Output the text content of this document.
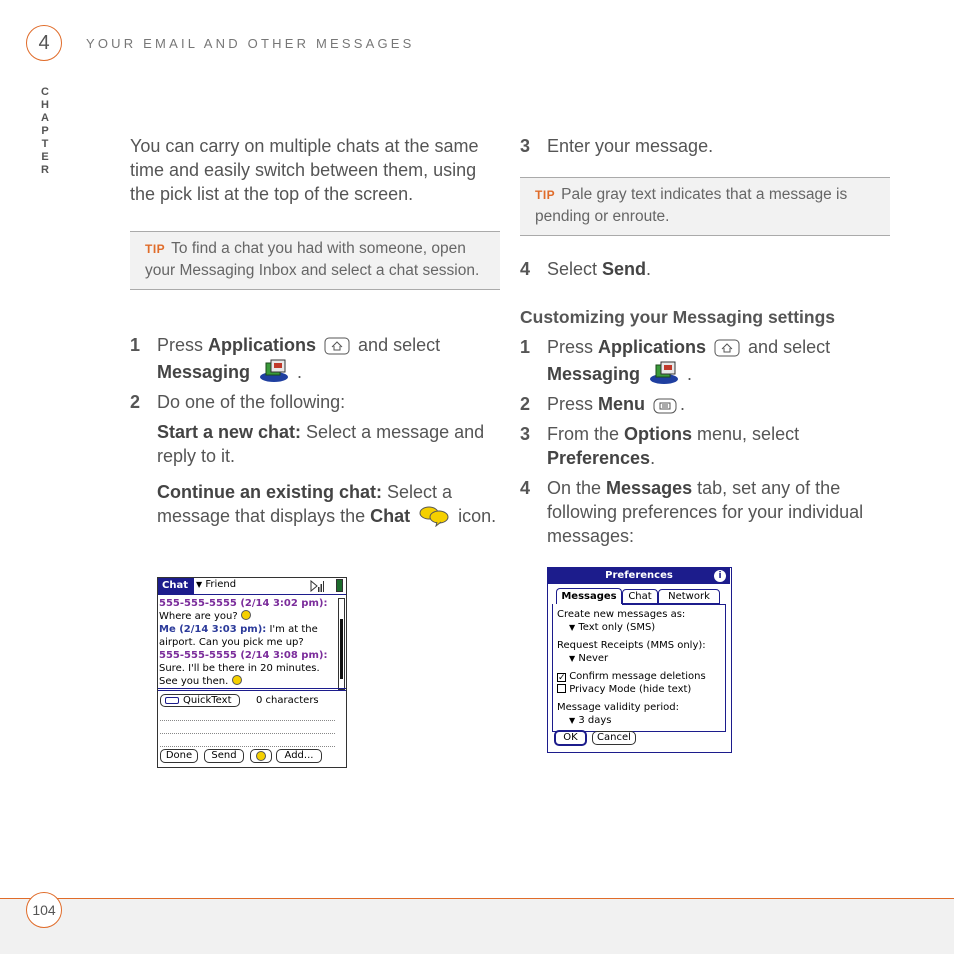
4	YOUR EMAIL AND OTHER MESSAGES
C
H
A
P
T
E
R

You can carry on multiple chats at the same time and easily switch between them, using the pick list at the top of the screen.

TIP To find a chat you had with someone, open your Messaging Inbox and select a chat session.
1 Press Applications  and select
Messaging	.
2 Do one of the following:
Start a new chat: Select a message and reply to it.
Continue an existing chat: Select a message that displays the Chat  icon.
Chat	▼ Friend
555-555-5555 (2/14 3:02 pm):
Where are you?
Me (2/14 3:03 pm): I'm at the airport. Can you pick me up?
555-555-5555 (2/14 3:08 pm):
Sure. I'll be there in 20 minutes. See you then.
QuickText	0 characters
Done	Send	Add...
3 Enter your message.
TIP Pale gray text indicates that a message is pending or enroute.
4 Select Send.
Customizing your Messaging settings
1 Press Applications  and select
Messaging	.
2 Press Menu .
3 From the Options menu, select
Preferences.
4 On the Messages tab, set any of the following preferences for your individual messages:
Preferences	i
Messages	Chat	Network
Create new messages as:
▼ Text only (SMS)
Request Receipts (MMS only):
▼ Never
✓ Confirm message deletions
Privacy Mode (hide text)
Message validity period:
▼ 3 days
OK	Cancel
104
